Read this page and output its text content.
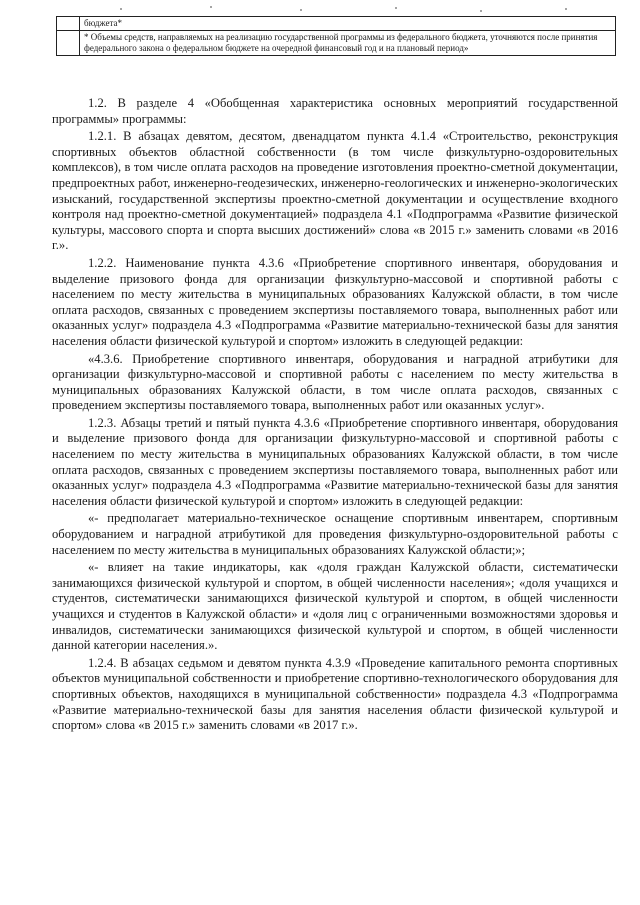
	бюджета*
	* Объемы средств, направляемых на реализацию государственной программы из федерального бюджета, уточняются после принятия федерального закона о федеральном бюджете на очередной финансовый год и на плановый период»

1.2. В разделе 4 «Обобщенная характеристика основных мероприятий государственной программы» программы:

1.2.1. В абзацах девятом, десятом, двенадцатом пункта 4.1.4 «Строительство, реконструкция спортивных объектов областной собственности (в том числе физкультурно-оздоровительных комплексов), в том числе оплата расходов на проведение изготовления проектно-сметной документации, предпроектных работ, инженерно-геодезических, инженерно-геологических и инженерно-экологических изысканий, государственной экспертизы проектно-сметной документации и осуществление входного контроля над проектно-сметной документацией» подраздела 4.1 «Подпрограмма «Развитие физической культуры, массового спорта и спорта высших достижений» слова «в 2015 г.» заменить словами «в 2016 г.».

1.2.2. Наименование пункта 4.3.6 «Приобретение спортивного инвентаря, оборудования и выделение призового фонда для организации физкультурно-массовой и спортивной работы с населением по месту жительства в муниципальных образованиях Калужской области, в том числе оплата расходов, связанных с проведением экспертизы поставляемого товара, выполненных работ или оказанных услуг» подраздела 4.3 «Подпрограмма «Развитие материально-технической базы для занятия населения области физической культурой и спортом» изложить в следующей редакции:

«4.3.6. Приобретение спортивного инвентаря, оборудования и наградной атрибутики для организации физкультурно-массовой и спортивной работы с населением по месту жительства в муниципальных образованиях Калужской области, в том числе оплата расходов, связанных с проведением экспертизы поставляемого товара, выполненных работ или оказанных услуг».

1.2.3. Абзацы третий и пятый пункта 4.3.6 «Приобретение спортивного инвентаря, оборудования и выделение призового фонда для организации физкультурно-массовой и спортивной работы с населением по месту жительства в муниципальных образованиях Калужской области, в том числе оплата расходов, связанных с проведением экспертизы поставляемого товара, выполненных работ или оказанных услуг» подраздела 4.3 «Подпрограмма «Развитие материально-технической базы для занятия населения области физической культурой и спортом» изложить в следующей редакции:

«- предполагает материально-техническое оснащение спортивным инвентарем, спортивным оборудованием и наградной атрибутикой для проведения физкультурно-оздоровительной работы с населением по месту жительства в муниципальных образованиях Калужской области;»;

«- влияет на такие индикаторы, как «доля граждан Калужской области, систематически занимающихся физической культурой и спортом, в общей численности населения»; «доля учащихся и студентов, систематически занимающихся физической культурой и спортом, в общей численности учащихся и студентов в Калужской области» и «доля лиц с ограниченными возможностями здоровья и инвалидов, систематически занимающихся физической культурой и спортом, в общей численности данной категории населения.».

1.2.4. В абзацах седьмом и девятом пункта 4.3.9 «Проведение капитального ремонта спортивных объектов муниципальной собственности и приобретение спортивно-технологического оборудования для спортивных объектов, находящихся в муниципальной собственности» подраздела 4.3 «Подпрограмма «Развитие материально-технической базы для занятия населения области физической культурой и спортом» слова «в 2015 г.» заменить словами «в 2017 г.».
